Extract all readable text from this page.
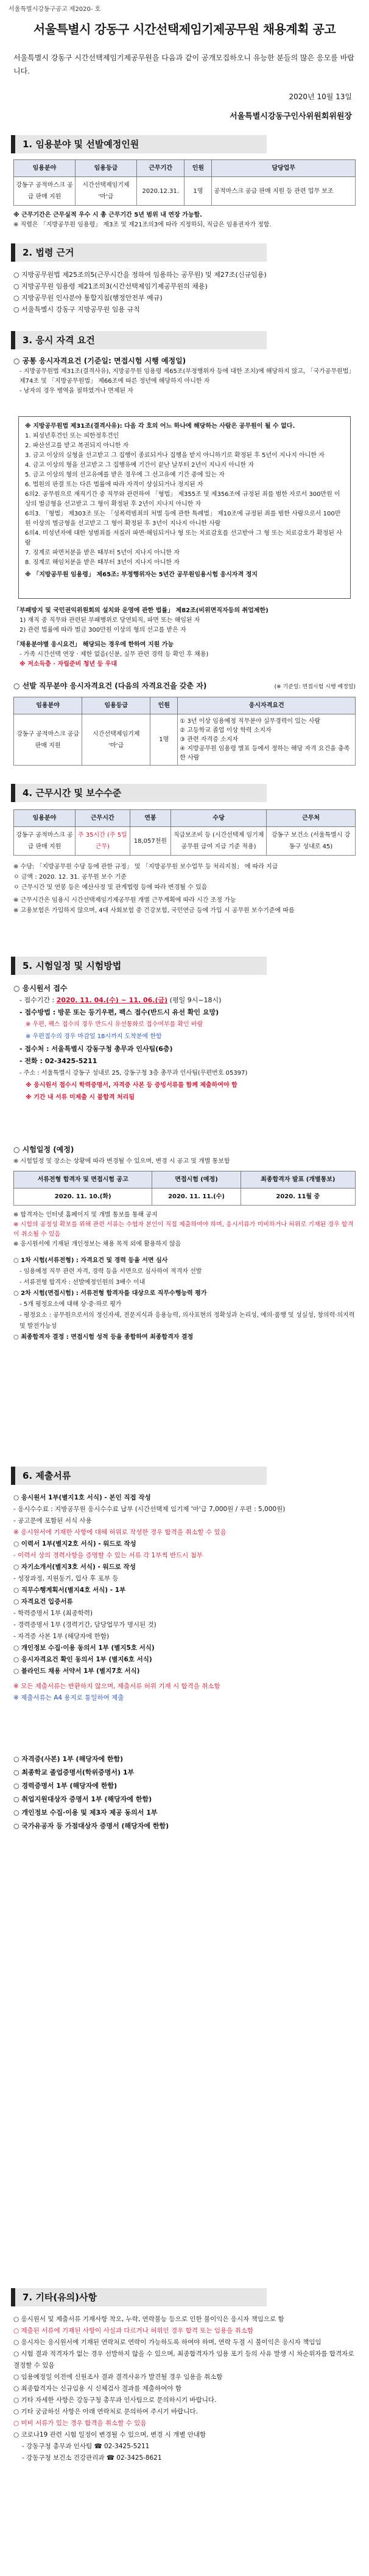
서울특별시강동구공고 제2020- 호
서울특별시 강동구 시간선택제임기제공무원 채용계획 공고
서울특별시 강동구 시간선택제임기제공무원을 다음과 같이 공개모집하오니 유능한 분들의 많은 응모를 바랍니다.
2020년 10월 13일
서울특별시강동구인사위원회위원장
1. 임용분야 및 선발예정인원
임용분야	임용등급	근무기간	인원	담당업무
강동구 공적마스크 공급 판매 지원	시간선택제임기제 '마'급	2020.12.31.	1명	공적마스크 공급 판매 지원 등 관련 업무 보조
※ 근무기간은 근무실적 우수 시 총 근무기간 5년 범위 내 연장 가능함.
※ 직렬은 「지방공무원 임용령」 제3조 및 제21조의3에 따라 지정하되, 직급은 임용권자가 정함.
2. 법령 근거
○ 지방공무원법 제25조의5(근무시간을 정하여 임용하는 공무원) 및 제27조(신규임용)
○ 지방공무원 임용령 제21조의3(시간선택제임기제공무원의 채용)
○ 지방공무원 인사분야 통합지침(행정안전부 예규)
○ 서울특별시 강동구 지방공무원 임용 규칙
3. 응시 자격 요건
○ 공통 응시자격요건 (기준일: 면접시험 시행 예정일)
- 지방공무원법 제31조(결격사유), 지방공무원 임용령 제65조(부정행위자 등에 대한 조치)에 해당하지 않고, 「국가공무원법」 제74조 및 「지방공무원법」 제66조에 따른 정년에 해당하지 아니한 자
- 남자의 경우 병역을 필하였거나 면제된 자
※ 지방공무원법 제31조(결격사유): 다음 각 호의 어느 하나에 해당하는 사람은 공무원이 될 수 없다.
1. 피성년후견인 또는 피한정후견인
2. 파산선고를 받고 복권되지 아니한 자
3. 금고 이상의 실형을 선고받고 그 집행이 종료되거나 집행을 받지 아니하기로 확정된 후 5년이 지나지 아니한 자
4. 금고 이상의 형을 선고받고 그 집행유예 기간이 끝난 날부터 2년이 지나지 아니한 자
5. 금고 이상의 형의 선고유예를 받은 경우에 그 선고유예 기간 중에 있는 자
6. 법원의 판결 또는 다른 법률에 따라 자격이 상실되거나 정지된 자
6의2. 공무원으로 재직기간 중 직무와 관련하여 「형법」 제355조 및 제356조에 규정된 죄를 범한 자로서 300만원 이상의 벌금형을 선고받고 그 형이 확정된 후 2년이 지나지 아니한 자
6의3. 「형법」 제303조 또는 「성폭력범죄의 처벌 등에 관한 특례법」 제10조에 규정된 죄를 범한 사람으로서 100만원 이상의 벌금형을 선고받고 그 형이 확정된 후 3년이 지나지 아니한 사람
6의4. 미성년자에 대한 성범죄를 저질러 파면·해임되거나 형 또는 치료감호를 선고받아 그 형 또는 치료감호가 확정된 사람
7. 징계로 파면처분을 받은 때부터 5년이 지나지 아니한 자
8. 징계로 해임처분을 받은 때부터 3년이 지나지 아니한 자
※ 「지방공무원 임용령」 제65조: 부정행위자는 5년간 공무원임용시험 응시자격 정지
「부패방지 및 국민권익위원회의 설치와 운영에 관한 법률」 제82조(비위면직자등의 취업제한)
1) 재직 중 직무와 관련된 부패행위로 당연퇴직, 파면 또는 해임된 자
2) 관련 법률에 따라 벌금 300만원 이상의 형의 선고를 받은 자
「채용분야별 응시요건」 해당되는 경우에 한하여 지원 가능
- 가족 시간선택 연장 · 제한 없음(신분, 실무 관련 경력 등 확인 후 채용)
※ 저소득층 · 자립준비 청년 등 우대
○ 선발 직무분야 응시자격요건 (다음의 자격요건을 갖춘 자)	(※ 기준일: 면접시험 시행 예정일)
임용분야	임용등급	인원	응시자격요건
강동구 공적마스크 공급 판매 지원	시간선택제임기제 '마'급	1명	① 3년 이상 임용예정 직무분야 실무경력이 있는 사람
② 고등학교 졸업 이상 학력 소지자
③ 관련 자격증 소지자
④ 지방공무원 임용령 별표 등에서 정하는 해당 자격 요건을 충족한 사람
4. 근무시간 및 보수수준
임용분야	근무시간	연봉	수당	근무처
강동구 공적마스크 공급 판매 지원	주 35시간 (주 5일 근무)	18,057천원	직급보조비 등 (시간선택제 임기제공무원 급여 지급 기준 적용)	강동구 보건소 (서울특별시 강동구 성내로 45)
※ 수당: 「지방공무원 수당 등에 관한 규정」 및 「지방공무원 보수업무 등 처리지침」 에 따라 지급
ㅇ 금액 : 2020. 12. 31. 공무원 보수 기준
ㅇ 근무시간 및 연봉 등은 예산사정 및 관계법령 등에 따라 변경될 수 있음
※ 근무시간은 임용시 시간선택제임기제공무원 개별 근무계획에 따라 시간 조정 가능
※ 고용보험은 가입하지 않으며, 4대 사회보험 중 건강보험, 국민연금 등에 가입 시 공무원 보수기준에 따름
5. 시험일정 및 시험방법
○ 응시원서 접수
- 접수기간 : 2020. 11. 04.(수) ~ 11. 06.(금) (평일 9시~18시)
- 접수방법 : 방문 또는 등기우편, 팩스 접수(반드시 유선 확인 요망)
※ 우편, 팩스 접수의 경우 반드시 유선통화로 접수여부를 확인 바람
※ 우편접수의 경우 마감일 18시까지 도착분에 한함
- 접수처 : 서울특별시 강동구청 총무과 인사팀(6층)
- 전화 : 02-3425-5211
- 주소 : 서울특별시 강동구 성내로 25, 강동구청 3층 총무과 인사팀(우편번호 05397)
※ 응시원서 접수시 학력증명서, 자격증 사본 등 증빙서류를 함께 제출하여야 함
※ 기간 내 서류 미제출 시 불합격 처리됨
○ 시험일정 (예정)
※ 시험일정 및 장소는 상황에 따라 변경될 수 있으며, 변경 시 공고 및 개별 통보함
서류전형 합격자 및 면접시험 공고	면접시험 (예정)	최종합격자 발표 (개별통보)
2020. 11. 10.(화)	2020. 11. 11.(수)	2020. 11월 중
※ 합격자는 인터넷 홈페이지 및 개별 통보를 통해 공지
※ 시험의 공정성 확보를 위해 관련 서류는 수험자 본인이 직접 제출하여야 하며, 응시서류가 미비하거나 허위로 기재된 경우 합격이 취소될 수 있음
※ 응시원서에 기재된 개인정보는 채용 목적 외에 활용하지 않음
○ 1차 시험(서류전형) : 자격요건 및 경력 등을 서면 심사
- 임용예정 직무 관련 자격, 경력 등을 서면으로 심사하여 적격자 선발
- 서류전형 합격자 : 선발예정인원의 3배수 이내
○ 2차 시험(면접시험) : 서류전형 합격자를 대상으로 직무수행능력 평가
- 5개 평정요소에 대해 상·중·하로 평가
- 평정요소 : 공무원으로서의 정신자세, 전문지식과 응용능력, 의사표현의 정확성과 논리성, 예의·품행 및 성실성, 창의력·의지력 및 발전가능성
○ 최종합격자 결정 : 면접시험 성적 등을 종합하여 최종합격자 결정
6. 제출서류
○ 응시원서 1부(별지1호 서식) - 본인 직접 작성
- 응시수수료 : 지방공무원 응시수수료 납부 (시간선택제 임기제 '마'급 7,000원 / 우편 : 5,000원)
- 공고문에 포함된 서식 사용
※ 응시원서에 기재한 사항에 대해 허위로 작성한 경우 합격을 취소할 수 있음
○ 이력서 1부(별지2호 서식) - 워드로 작성
- 이력서 상의 경력사항을 증명할 수 있는 서류 각 1부씩 반드시 첨부
○ 자기소개서(별지3호 서식) - 워드로 작성
- 성장과정, 지원동기, 입사 후 포부 등
○ 직무수행계획서(별지4호 서식) - 1부
○ 자격요건 입증서류
- 학력증명서 1부 (최종학력)
- 경력증명서 1부 (경력기간, 담당업무가 명시된 것)
- 자격증 사본 1부 (해당자에 한함)
○ 개인정보 수집·이용 동의서 1부 (별지5호 서식)
○ 응시자격요건 확인 동의서 1부 (별지6호 서식)
○ 블라인드 채용 서약서 1부 (별지7호 서식)
※ 모든 제출서류는 반환하지 않으며, 제출서류 허위 기재 시 합격을 취소함
※ 제출서류는 A4 용지로 통일하여 제출
○ 자격증(사본) 1부 (해당자에 한함)
○ 최종학교 졸업증명서(학위증명서) 1부
○ 경력증명서 1부 (해당자에 한함)
○ 취업지원대상자 증명서 1부 (해당자에 한함)
○ 개인정보 수집·이용 및 제3자 제공 동의서 1부
○ 국가유공자 등 가점대상자 증명서 (해당자에 한함)
7. 기타(유의)사항
○ 응시원서 및 제출서류 기재사항 착오, 누락, 연락불능 등으로 인한 불이익은 응시자 책임으로 함
○ 제출된 서류에 기재된 사항이 사실과 다르거나 허위인 경우 합격 또는 임용을 취소함
○ 응시자는 응시원서에 기재된 연락처로 연락이 가능하도록 하여야 하며, 연락 두절 시 불이익은 응시자 책임임
○ 시험 결과 적격자가 없는 경우 선발하지 않을 수 있으며, 최종합격자가 임용 포기 등의 사유 발생 시 차순위자를 합격자로 결정할 수 있음
○ 임용예정일 이전에 신원조사 결과 결격사유가 발견될 경우 임용을 취소함
○ 최종합격자는 신규임용 시 신체검사 결과를 제출하여야 함
○ 기타 자세한 사항은 강동구청 총무과 인사팀으로 문의하시기 바랍니다.
○ 기타 궁금하신 사항은 아래 연락처로 문의하여 주시기 바랍니다.
○ 미비 서류가 있는 경우 합격을 취소할 수 있음
○ 코로나19 관련 시험 일정이 변경될 수 있으며, 변경 시 개별 안내함
- 강동구청 총무과 인사팀 ☎ 02-3425-5211
- 강동구청 보건소 건강관리과 ☎ 02-3425-8621
